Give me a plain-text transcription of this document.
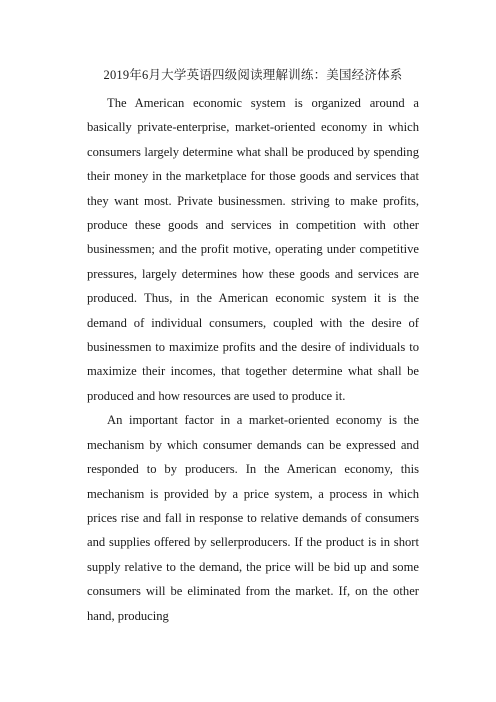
2019年6月大学英语四级阅读理解训练：美国经济体系

The American economic system is organized around a basically private-enterprise, market-oriented economy in which consumers largely determine what shall be produced by spending their money in the marketplace for those goods and services that they want most. Private businessmen. striving to make profits, produce these goods and services in competition with other businessmen; and the profit motive, operating under competitive pressures, largely determines how these goods and services are produced. Thus, in the American economic system it is the demand of individual consumers, coupled with the desire of businessmen to maximize profits and the desire of individuals to maximize their incomes, that together determine what shall be produced and how resources are used to produce it.

An important factor in a market-oriented economy is the mechanism by which consumer demands can be expressed and responded to by producers. In the American economy, this mechanism is provided by a price system, a process in which prices rise and fall in response to relative demands of consumers and supplies offered by sellerproducers. If the product is in short supply relative to the demand, the price will be bid up and some consumers will be eliminated from the market. If, on the other hand, producing
